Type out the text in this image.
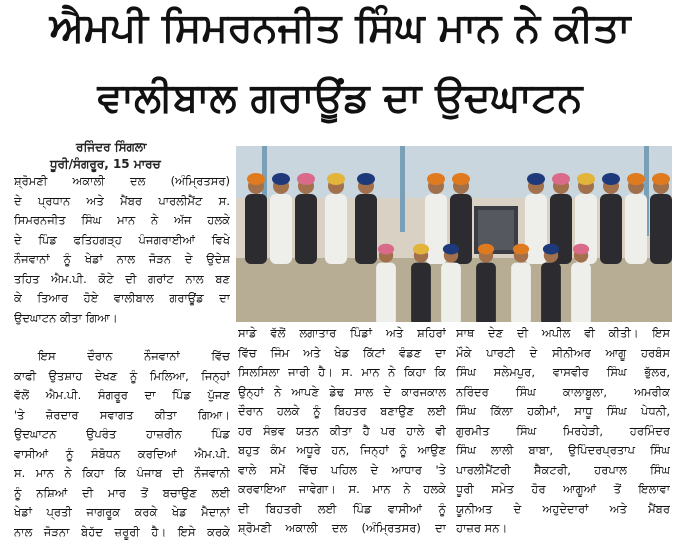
ਐਮਪੀ ਸਿਮਰਨਜੀਤ ਸਿੰਘ ਮਾਨ ਨੇ ਕੀਤਾ
ਵਾਲੀਬਾਲ ਗਰਾਊਂਡ ਦਾ ਉਦਘਾਟਨ
ਰਜਿੰਦਰ ਸਿੰਗਲਾ
ਧੂਰੀ/ਸੰਗਰੂਰ, 15 ਮਾਰਚ
ਸ਼੍ਰੋਮਣੀ ਅਕਾਲੀ ਦਲ (ਅੰਮ੍ਰਿਤਸਰ)
ਦੇ ਪ੍ਰਧਾਨ ਅਤੇ ਮੈਂਬਰ ਪਾਰਲੀਮੈਂਟ ਸ.
ਸਿਮਰਨਜੀਤ ਸਿੰਘ ਮਾਨ ਨੇ ਅੱਜ ਹਲਕੇ
ਦੇ ਪਿੰਡ ਫਤਿਹਗੜ੍ਹ ਪੰਜਗਰਾਈਆਂ ਵਿਖੇ
ਨੌਜਵਾਨਾਂ ਨੂੰ ਖੇਡਾਂ ਨਾਲ ਜੋੜਨ ਦੇ ਉਦੇਸ਼
ਤਹਿਤ ਐਮ.ਪੀ. ਕੋਟੇ ਦੀ ਗਰਾਂਟ ਨਾਲ ਬਣ
ਕੇ ਤਿਆਰ ਹੋਏ ਵਾਲੀਬਾਲ ਗਰਾਊਂਡ ਦਾ
ਉਦਘਾਟਨ ਕੀਤਾ ਗਿਆ।
ਇਸ ਦੌਰਾਨ ਨੌਜਵਾਨਾਂ ਵਿੱਚ
ਕਾਫੀ ਉਤਸ਼ਾਹ ਦੇਖਣ ਨੂੰ ਮਿਲਿਆ, ਜਿਨ੍ਹਾਂ
ਵੱਲੋਂ ਐਮ.ਪੀ. ਸੰਗਰੂਰ ਦਾ ਪਿੰਡ ਪੁੱਜਣ
'ਤੇ ਜ਼ੋਰਦਾਰ ਸਵਾਗਤ ਕੀਤਾ ਗਿਆ।
ਉਦਘਾਟਨ ਉਪਰੰਤ ਹਾਜ਼ਰੀਨ ਪਿੰਡ
ਵਾਸੀਆਂ ਨੂੰ ਸੰਬੋਧਨ ਕਰਦਿਆਂ ਐਮ.ਪੀ.
ਸ. ਮਾਨ ਨੇ ਕਿਹਾ ਕਿ ਪੰਜਾਬ ਦੀ ਨੌਜਵਾਨੀ
ਨੂੰ ਨਸ਼ਿਆਂ ਦੀ ਮਾਰ ਤੋਂ ਬਚਾਉਣ ਲਈ
ਖੇਡਾਂ ਪ੍ਰਤੀ ਜਾਗਰੂਕ ਕਰਕੇ ਖੇਡ ਮੈਦਾਨਾਂ
ਨਾਲ ਜੋੜਨਾ ਬੇਹੱਦ ਜ਼ਰੂਰੀ ਹੈ। ਇਸੇ ਕਰਕੇ
ਸਾਡੇ ਵੱਲੋਂ ਲਗਾਤਾਰ ਪਿੰਡਾਂ ਅਤੇ ਸ਼ਹਿਰਾਂ
ਵਿੱਚ ਜਿੰਮ ਅਤੇ ਖੇਡ ਕਿੱਟਾਂ ਵੰਡਣ ਦਾ
ਸਿਲਸਿਲਾ ਜਾਰੀ ਹੈ। ਸ. ਮਾਨ ਨੇ ਕਿਹਾ ਕਿ
ਉਨ੍ਹਾਂ ਨੇ ਆਪਣੇ ਡੇਢ ਸਾਲ ਦੇ ਕਾਰਜਕਾਲ
ਦੌਰਾਨ ਹਲਕੇ ਨੂੰ ਬਿਹਤਰ ਬਣਾਉਣ ਲਈ
ਹਰ ਸੰਭਵ ਯਤਨ ਕੀਤਾ ਹੈ ਪਰ ਹਾਲੇ ਵੀ
ਬਹੁਤ ਕੰਮ ਅਧੂਰੇ ਹਨ, ਜਿਨ੍ਹਾਂ ਨੂੰ ਆਉਣ
ਵਾਲੇ ਸਮੇਂ ਵਿੱਚ ਪਹਿਲ ਦੇ ਆਧਾਰ 'ਤੇ
ਕਰਵਾਇਆ ਜਾਵੇਗਾ। ਸ. ਮਾਨ ਨੇ ਹਲਕੇ
ਦੀ ਬਿਹਤਰੀ ਲਈ ਪਿੰਡ ਵਾਸੀਆਂ ਨੂੰ
ਸ਼੍ਰੋਮਣੀ ਅਕਾਲੀ ਦਲ (ਅੰਮ੍ਰਿਤਸਰ) ਦਾ
ਸਾਥ ਦੇਣ ਦੀ ਅਪੀਲ ਵੀ ਕੀਤੀ। ਇਸ
ਮੌਕੇ ਪਾਰਟੀ ਦੇ ਸੀਨੀਅਰ ਆਗੂ ਹਰਬੰਸ
ਸਿੰਘ ਸਲੇਮਪੁਰ, ਵਾਸਵੀਰ ਸਿੰਘ ਭੁੱਲਰ,
ਨਰਿੰਦਰ ਸਿੰਘ ਕਾਲਾਬੂਲਾ, ਅਮਰੀਕ
ਸਿੰਘ ਕਿੱਲਾ ਹਕੀਮਾਂ, ਸਾਧੂ ਸਿੰਘ ਪੇਧਨੀ,
ਗੁਰਮੀਤ ਸਿੰਘ ਮਿਰਹੇੜੀ, ਹਰਮਿੰਦਰ
ਸਿੰਘ ਲਾਲੀ ਬਾਬਾ, ਉਪਿੰਦਰਪ੍ਰਤਾਪ ਸਿੰਘ
ਪਾਰਲੀਮੈਂਟਰੀ ਸੈਕਟਰੀ, ਹਰਪਾਲ ਸਿੰਘ
ਧੂਰੀ ਸਮੇਤ ਹੋਰ ਆਗੂਆਂ ਤੋਂ ਇਲਾਵਾ
ਯੂਨੀਅਤ ਦੇ ਅਹੁਦੇਦਾਰਾਂ ਅਤੇ ਮੈਂਬਰ
ਹਾਜ਼ਰ ਸਨ।
